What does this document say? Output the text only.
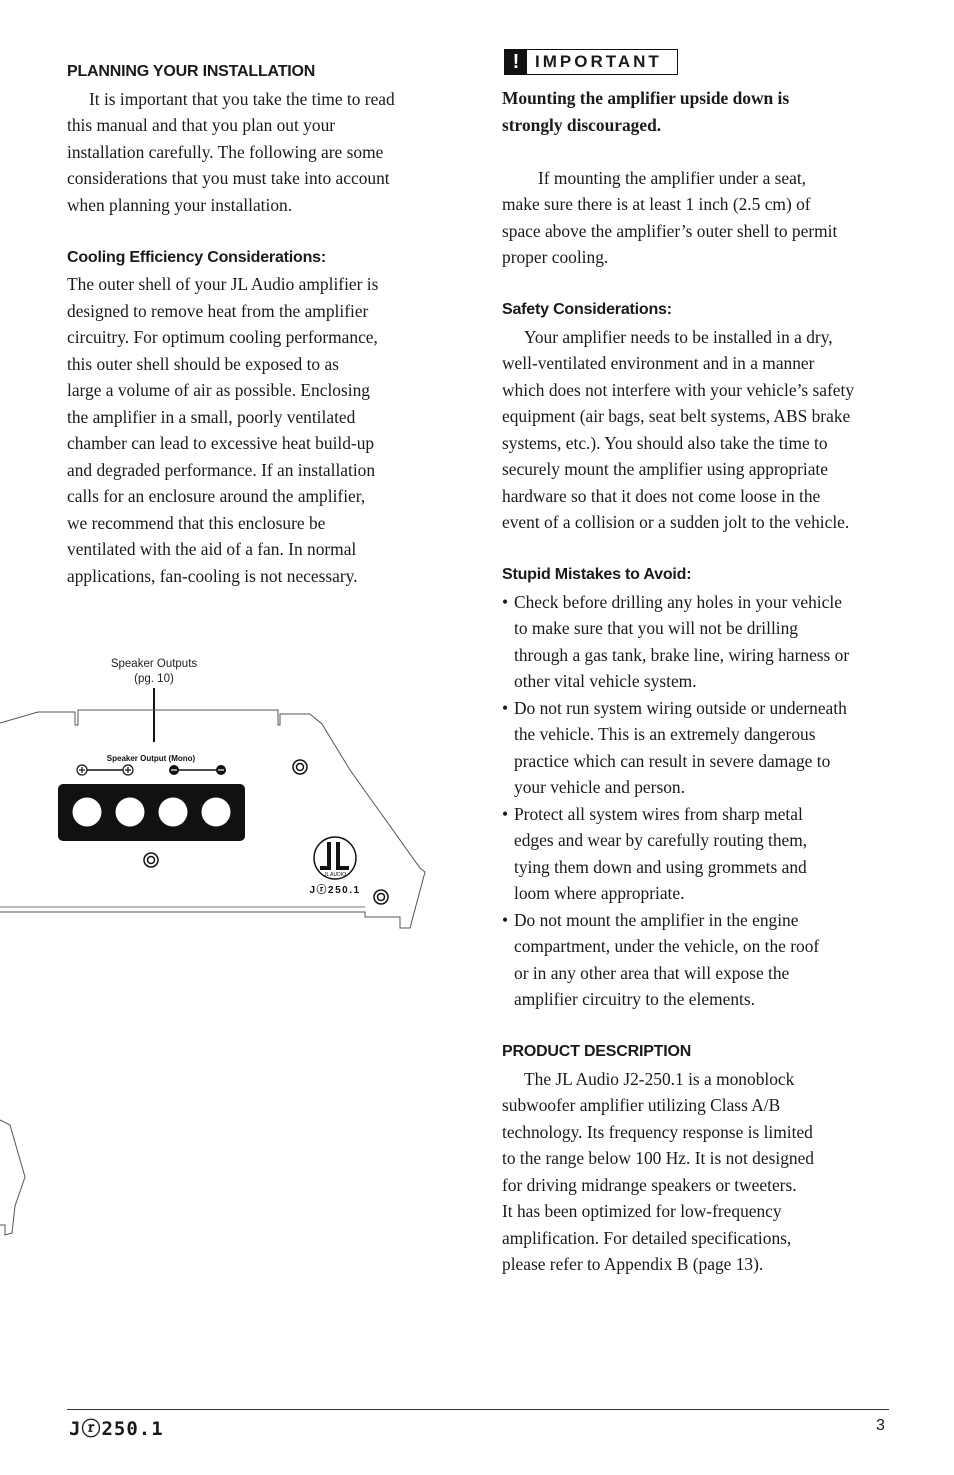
PLANNING YOUR INSTALLATION

It is important that you take the time to read
this manual and that you plan out your
installation carefully. The following are some
considerations that you must take into account
when planning your installation.

Cooling Efficiency Considerations:

The outer shell of your JL Audio amplifier is
designed to remove heat from the amplifier
circuitry. For optimum cooling performance,
this outer shell should be exposed to as
large a volume of air as possible. Enclosing
the amplifier in a small, poorly ventilated
chamber can lead to excessive heat build-up
and degraded performance. If an installation
calls for an enclosure around the amplifier,
we recommend that this enclosure be
ventilated with the aid of a fan. In normal
applications, fan-cooling is not necessary.

Speaker Outputs
(pg. 10)
Speaker Output (Mono)
JL AUDIO
Jⓡ250.1
! IMPORTANT

Mounting the amplifier upside down is
strongly discouraged.

If mounting the amplifier under a seat,
make sure there is at least 1 inch (2.5 cm) of
space above the amplifier’s outer shell to permit
proper cooling.

Safety Considerations:

Your amplifier needs to be installed in a dry,
well-ventilated environment and in a manner
which does not interfere with your vehicle’s safety
equipment (air bags, seat belt systems, ABS brake
systems, etc.). You should also take the time to
securely mount the amplifier using appropriate
hardware so that it does not come loose in the
event of a collision or a sudden jolt to the vehicle.

Stupid Mistakes to Avoid:
• Check before drilling any holes in your vehicle
to make sure that you will not be drilling
through a gas tank, brake line, wiring harness or
other vital vehicle system.
• Do not run system wiring outside or underneath
the vehicle. This is an extremely dangerous
practice which can result in severe damage to
your vehicle and person.
• Protect all system wires from sharp metal
edges and wear by carefully routing them,
tying them down and using grommets and
loom where appropriate.
• Do not mount the amplifier in the engine
compartment, under the vehicle, on the roof
or in any other area that will expose the
amplifier circuitry to the elements.
PRODUCT DESCRIPTION

The JL Audio J2-250.1 is a monoblock
subwoofer amplifier utilizing Class A/B
technology. Its frequency response is limited
to the range below 100 Hz. It is not designed
for driving midrange speakers or tweeters.
It has been optimized for low-frequency
amplification. For detailed specifications,
please refer to Appendix B (page 13).

Jⓡ250.1	3
